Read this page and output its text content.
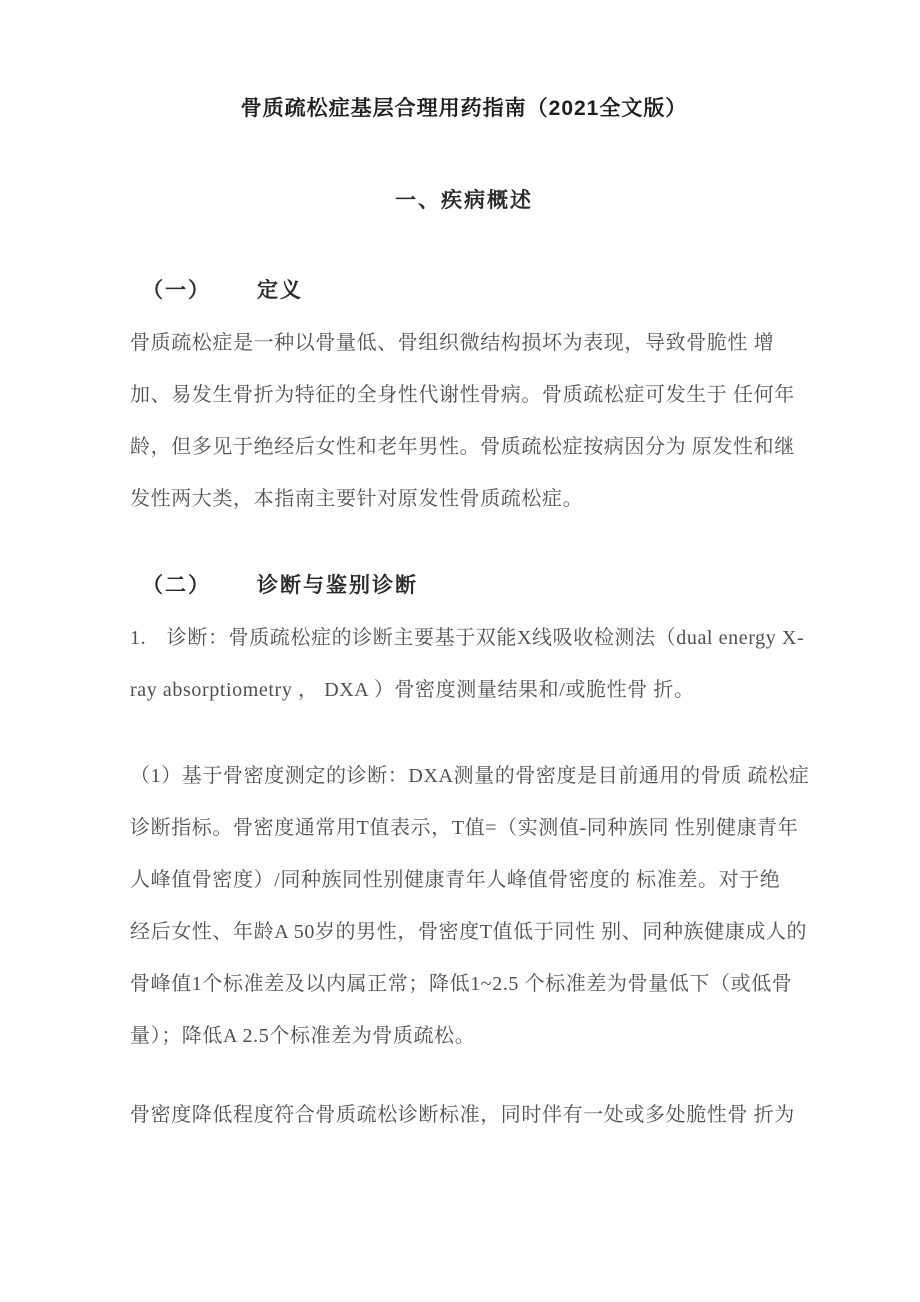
骨质疏松症基层合理用药指南（2021全文版）
一、疾病概述
（一） 定义
骨质疏松症是一种以骨量低、骨组织微结构损坏为表现，导致骨脆性 增
加、易发生骨折为特征的全身性代谢性骨病。骨质疏松症可发生于 任何年
龄，但多见于绝经后女性和老年男性。骨质疏松症按病因分为 原发性和继
发性两大类，本指南主要针对原发性骨质疏松症。
（二） 诊断与鉴别诊断
1.　诊断：骨质疏松症的诊断主要基于双能X线吸收检测法（dual energy X-
ray absorptiometry ， DXA ）骨密度测量结果和/或脆性骨 折。
（1）基于骨密度测定的诊断：DXA测量的骨密度是目前通用的骨质 疏松症
诊断指标。骨密度通常用T值表示，T值=（实测值-同种族同 性别健康青年
人峰值骨密度）/同种族同性别健康青年人峰值骨密度的 标准差。对于绝
经后女性、年龄A 50岁的男性，骨密度T值低于同性 别、同种族健康成人的
骨峰值1个标准差及以内属正常；降低1~2.5 个标准差为骨量低下（或低骨
量）；降低A 2.5个标准差为骨质疏松。
骨密度降低程度符合骨质疏松诊断标准，同时伴有一处或多处脆性骨 折为
